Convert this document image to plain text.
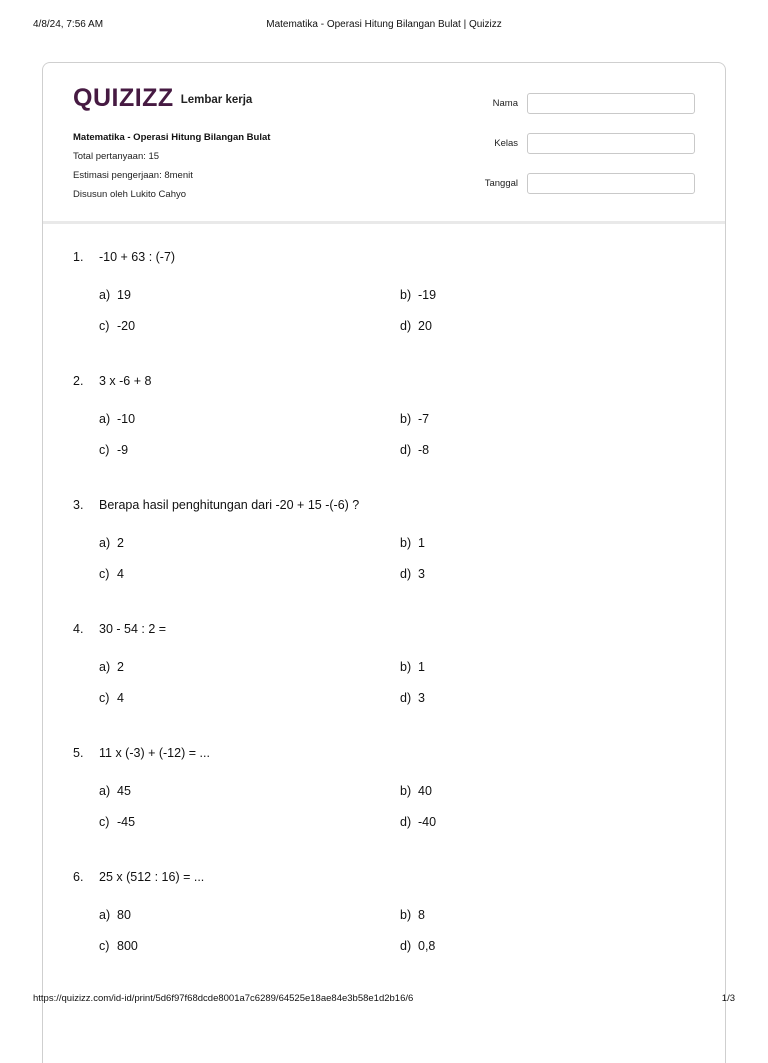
4/8/24, 7:56 AM	Matematika - Operasi Hitung Bilangan Bulat | Quizizz
QUIZIZZ Lembar kerja
Matematika - Operasi Hitung Bilangan Bulat
Total pertanyaan: 15
Estimasi pengerjaan: 8menit
Disusun oleh Lukito Cahyo
Nama
Kelas
Tanggal
1. -10 + 63 : (-7)
a) 19	b) -19
c) -20	d) 20
2. 3 x -6 + 8
a) -10	b) -7
c) -9	d) -8
3. Berapa hasil penghitungan dari -20 + 15 -(-6) ?
a) 2	b) 1
c) 4	d) 3
4. 30 - 54 : 2 =
a) 2	b) 1
c) 4	d) 3
5. 11 x (-3) + (-12) = ...
a) 45	b) 40
c) -45	d) -40
6. 25 x (512 : 16) = ...
a) 80	b) 8
c) 800	d) 0,8
https://quizizz.com/id-id/print/5d6f97f68dcde8001a7c6289/64525e18ae84e3b58e1d2b16/6	1/3
